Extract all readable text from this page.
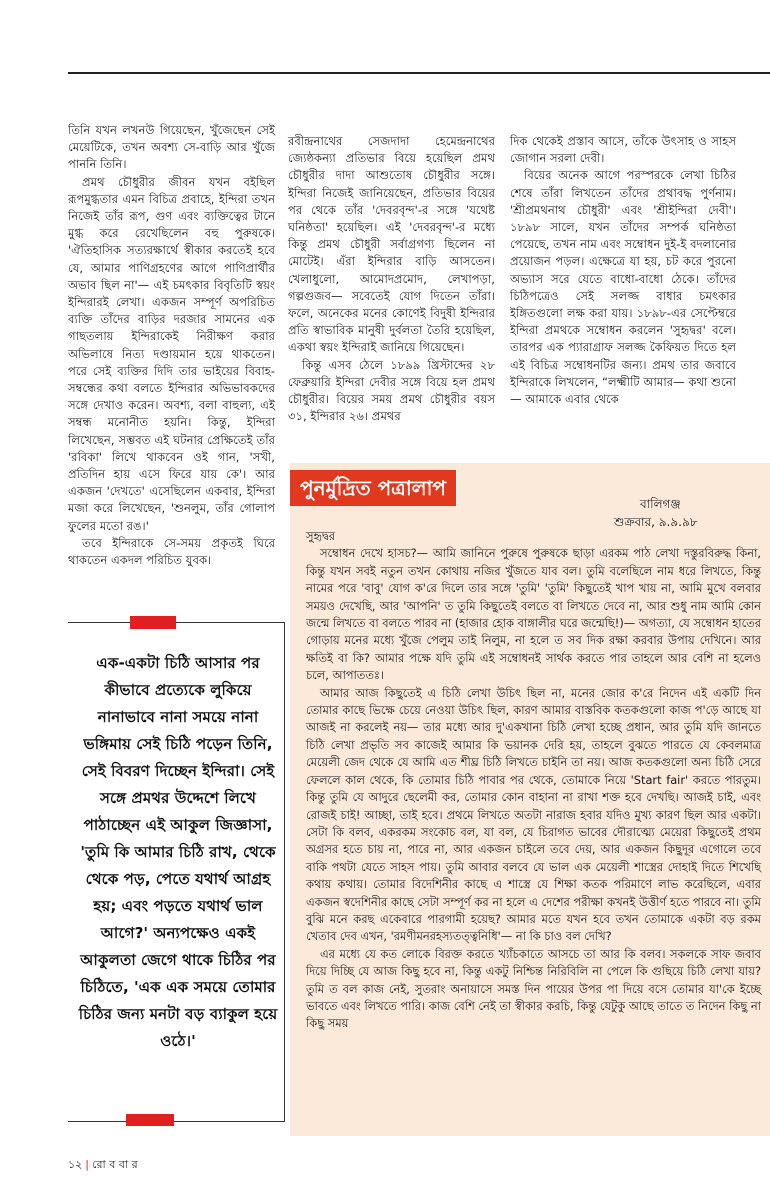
তিনি যখন লখনউ গিয়েছেন, খুঁজেছেন সেই মেয়েটিকে, তখন অবশ্য সে-বাড়ি আর খুঁজে পাননি তিনি।

প্রমথ চৌধুরীর জীবন যখন বইছিল রূপমুগ্ধতার এমন বিচিত্র প্রবাহে, ইন্দিরা তখন নিজেই তাঁর রূপ, গুণ এবং ব্যক্তিত্বের টানে মুগ্ধ করে রেখেছিলেন বহু পুরুষকে। 'ঐতিহাসিক সত্যরক্ষার্থে স্বীকার করতেই হবে যে, আমার পাণিগ্রহণের আগে পাণিপ্রার্থীর অভাব ছিল না'— এই চমৎকার বিবৃতিটি স্বয়ং ইন্দিরারই লেখা। একজন সম্পূর্ণ অপরিচিত ব্যক্তি তাঁদের বাড়ির দরজার সামনের এক গাছতলায় ইন্দিরাকেই নিরীক্ষণ করার অভিলাষে নিত্য দণ্ডায়মান হয়ে থাকতেন। পরে সেই ব্যক্তির দিদি তার ভাইয়ের বিবাহ-সম্বন্ধের কথা বলতে ইন্দিরার অভিভাবকদের সঙ্গে দেখাও করেন। অবশ্য, বলা বাহুল্য, এই সম্বন্ধ মনোনীত হয়নি। কিন্তু, ইন্দিরা লিখেছেন, সম্ভবত এই ঘটনার প্রেক্ষিতেই তাঁর 'রবিকা' লিখে থাকবেন ওই গান, 'সখী, প্রতিদিন হায় এসে ফিরে যায় কে'। আর একজন 'দেখতে' এসেছিলেন একবার, ইন্দিরা মজা করে লিখেছেন, 'শুনলুম, তাঁর গোলাপ ফুলের মতো রঙ।'

তবে ইন্দিরাকে সে-সময় প্রকৃতই ঘিরে থাকতেন একদল পরিচিত যুবক।

রবীন্দ্রনাথের সেজদাদা হেমেন্দ্রনাথের জ্যেষ্ঠকন্যা প্রতিভার বিয়ে হয়েছিল প্রমথ চৌধুরীর দাদা আশুতোষ চৌধুরীর সঙ্গে। ইন্দিরা নিজেই জানিয়েছেন, প্রতিভার বিয়ের পর থেকে তাঁর 'দেবরবৃন্দ'-র সঙ্গে 'যথেষ্ট ঘনিষ্ঠতা' হয়েছিল। এই 'দেবরবৃন্দ'-র মধ্যে কিন্তু প্রমথ চৌধুরী সর্বাগ্রগণ্য ছিলেন না মোটেই। এঁরা ইন্দিরার বাড়ি আসতেন। খেলাধুলো, আমোদপ্রমোদ, লেখাপড়া, গল্পগুজব— সবেতেই যোগ দিতেন তাঁরা। ফলে, অনেকের মনের কোণেই বিদুষী ইন্দিরার প্রতি স্বাভাবিক মানুষী দুর্বলতা তৈরি হয়েছিল, একথা স্বয়ং ইন্দিরাই জানিয়ে গিয়েছেন।

কিন্তু এসব ঠেলে ১৮৯৯ খ্রিস্টাব্দের ২৮ ফেব্রুয়ারি ইন্দিরা দেবীর সঙ্গে বিয়ে হল প্রমথ চৌধুরীর। বিয়ের সময় প্রমথ চৌধুরীর বয়স ৩১, ইন্দিরার ২৬। প্রমথর

দিক থেকেই প্রস্তাব আসে, তাঁকে উৎসাহ ও সাহস জোগান সরলা দেবী।

বিয়ের অনেক আগে পরস্পরকে লেখা চিঠির শেষে তাঁরা লিখতেন তাঁদের প্রথাবদ্ধ পুর্ণনাম। 'শ্রীপ্রমথনাথ চৌধুরী' এবং 'শ্রীইন্দিরা দেবী'। ১৮৯৮ সালে, যখন তাঁদের সম্পর্ক ঘনিষ্ঠতা পেয়েছে, তখন নাম এবং সম্বোধন দুই-ই বদলানোর প্রয়োজন পড়ল। এক্ষেত্রে যা হয়, চট করে পুরনো অভ্যাস সরে যেতে বাধো-বাধো ঠেকে। তাঁদের চিঠিপত্রেও সেই সলজ্জ বাধার চমৎকার ইঙ্গিতগুলো লক্ষ করা যায়। ১৮৯৮-এর সেপ্টেম্বরে ইন্দিরা প্রমথকে সম্বোধন করলেন 'সুহৃদ্বর' বলে। তারপর এক প্যারাগ্রাফ সলজ্জ কৈফিয়ত দিতে হল এই বিচিত্র সম্বোধনটির জন্য। প্রমথ তার জবাবে ইন্দিরাকে লিখলেন, “লক্ষ্মীটি আমার— কথা শুনো— আমাকে এবার থেকে

এক-একটা চিঠি আসার পর কীভাবে প্রত্যেকে লুকিয়ে নানাভাবে নানা সময়ে নানা ভঙ্গিমায় সেই চিঠি পড়েন তিনি, সেই বিবরণ দিচ্ছেন ইন্দিরা। সেই সঙ্গে প্রমথর উদ্দেশে লিখে পাঠাচ্ছেন এই আকুল জিজ্ঞাসা, 'তুমি কি আমার চিঠি রাখ, থেকে থেকে পড়, পেতে যথার্থ আগ্রহ হয়; এবং পড়তে যথার্থ ভাল আগে?' অন্যপক্ষেও একই আকুলতা জেগে থাকে চিঠির পর চিঠিতে, 'এক এক সময়ে তোমার চিঠির জন্য মনটা বড় ব্যাকুল হয়ে ওঠে।'
পুনর্মুদ্রিত পত্রালাপ
বালিগঞ্জ
শুক্রবার, ৯.৯.৯৮

সুহৃদ্বর

সম্বোধন দেখে হাসচ?— আমি জানিনে পুরুষে পুরুষকে ছাড়া এরকম পাঠ লেখা দস্তুরবিরুদ্ধ কিনা, কিন্তু যখন সবই নতুন তখন কোথায় নজির খুঁজতে যাব বল। তুমি বলেছিলে নাম ধরে লিখতে, কিন্তু নামের পরে 'বাবু' যোগ ক'রে দিলে তার সঙ্গে 'তুমি' 'তুমি' কিছুতেই খাপ খায় না, আমি মুখে বলবার সময়ও দেখেছি, আর 'আপনি' ত তুমি কিছুতেই বলতে বা লিখতে দেবে না, আর শুধু নাম আমি কোন জন্মে লিখতে বা বলতে পারব না (হাজার হোক বাঙ্গালীর ঘরে জন্মেছি!)— অগত্যা, যে সম্বোধন হাতের গোড়ায় মনের মধ্যে খুঁজে পেলুম তাই নিলুম, না হলে ত সব দিক রক্ষা করবার উপায় দেখিনে। আর ক্ষতিই বা কি? আমার পক্ষে যদি তুমি এই সম্বোধনই সার্থক করতে পার তাহলে আর বেশি না হলেও চলে, আপাততঃ।

আমার আজ কিছুতেই এ চিঠি লেখা উচিৎ ছিল না, মনের জোর ক'রে নিদেন এই একটি দিন তোমার কাছে ভিক্ষে চেয়ে নেওয়া উচিৎ ছিল, কারণ আমার বাস্তবিক কতকগুলো কাজ প'ড়ে আছে যা আজই না করলেই নয়— তার মধ্যে আর দু'একখানা চিঠি লেখা হচ্ছে প্রধান, আর তুমি যদি জানতে চিঠি লেখা প্রভৃতি সব কাজেই আমার কি ভয়ানক দেরি হয়, তাহলে বুঝতে পারতে যে কেবলমাত্র মেয়েলী জেদ থেকে যে আমি এত শীঘ্র চিঠি লিখতে চাইনি তা নয়। আজ কতকগুলো অন্য চিঠি সেরে ফেললে কাল থেকে, কি তোমার চিঠি পাবার পর থেকে, তোমাকে নিয়ে 'Start fair' করতে পারতুম। কিন্তু তুমি যে আদুরে ছেলেমী কর, তোমার কোন বাহানা না রাখা শক্ত হবে দেখছি। আজই চাই, এবং রোজই চাই! আচ্ছা, তাই হবে। প্রথমে লিখতে অতটা নারাজ হবার যদিও মুখ্য কারণ ছিল আর একটা। সেটা কি বলব, একরকম সংকোচ বল, যা বল, যে চিরাগত ভাবের দৌরাত্ম্যে মেয়েরা কিছুতেই প্রথম অগ্রসর হতে চায় না, পারে না, আর একজন চাইলে তবে দেয়, আর একজন কিছুদূর এগোলে তবে বাকি পথটা যেতে সাহস পায়। তুমি আবার বলবে যে ভাল এক মেয়েলী শাস্ত্রের দোহাই দিতে শিখেছি কথায় কথায়। তোমার বিদেশিনীর কাছে এ শাস্ত্রে যে শিক্ষা কতক পরিমাণে লাভ করেছিলে, এবার একজন স্বদেশিনীর কাছে সেটা সম্পূর্ণ কর না হলে এ দেশের পরীক্ষা কখনই উত্তীর্ণ হতে পারবে না। তুমি বুঝি মনে করছ একেবারে পারগামী হয়েছ? আমার মতে যখন হবে তখন তোমাকে একটা বড় রকম খেতাব দেব এখন, 'রমণীমনরহস্যতত্ত্বনিধি'— না কি চাও বল দেখি?

এর মধ্যে যে কত লোকে বিরক্ত করতে খ্যাঁচকাতে আসচে তা আর কি বলব। সকলকে সাফ জবাব দিয়ে দিচ্ছি যে আজ কিছু হবে না, কিন্তু একটু নিশ্চিন্ত নিরিবিলি না পেলে কি গুছিয়ে চিঠি লেখা যায়? তুমি ত বল কাজ নেই, সুতরাং অনায়াসে সমস্ত দিন পায়ের উপর পা দিয়ে বসে তোমার যা'কে ইচ্ছে ভাবতে এবং লিখতে পারি। কাজ বেশি নেই তা স্বীকার করচি, কিন্তু যেটুকু আছে তাতে ত নিদেন কিছু না কিছু সময়

১২ | রো ব বা র
